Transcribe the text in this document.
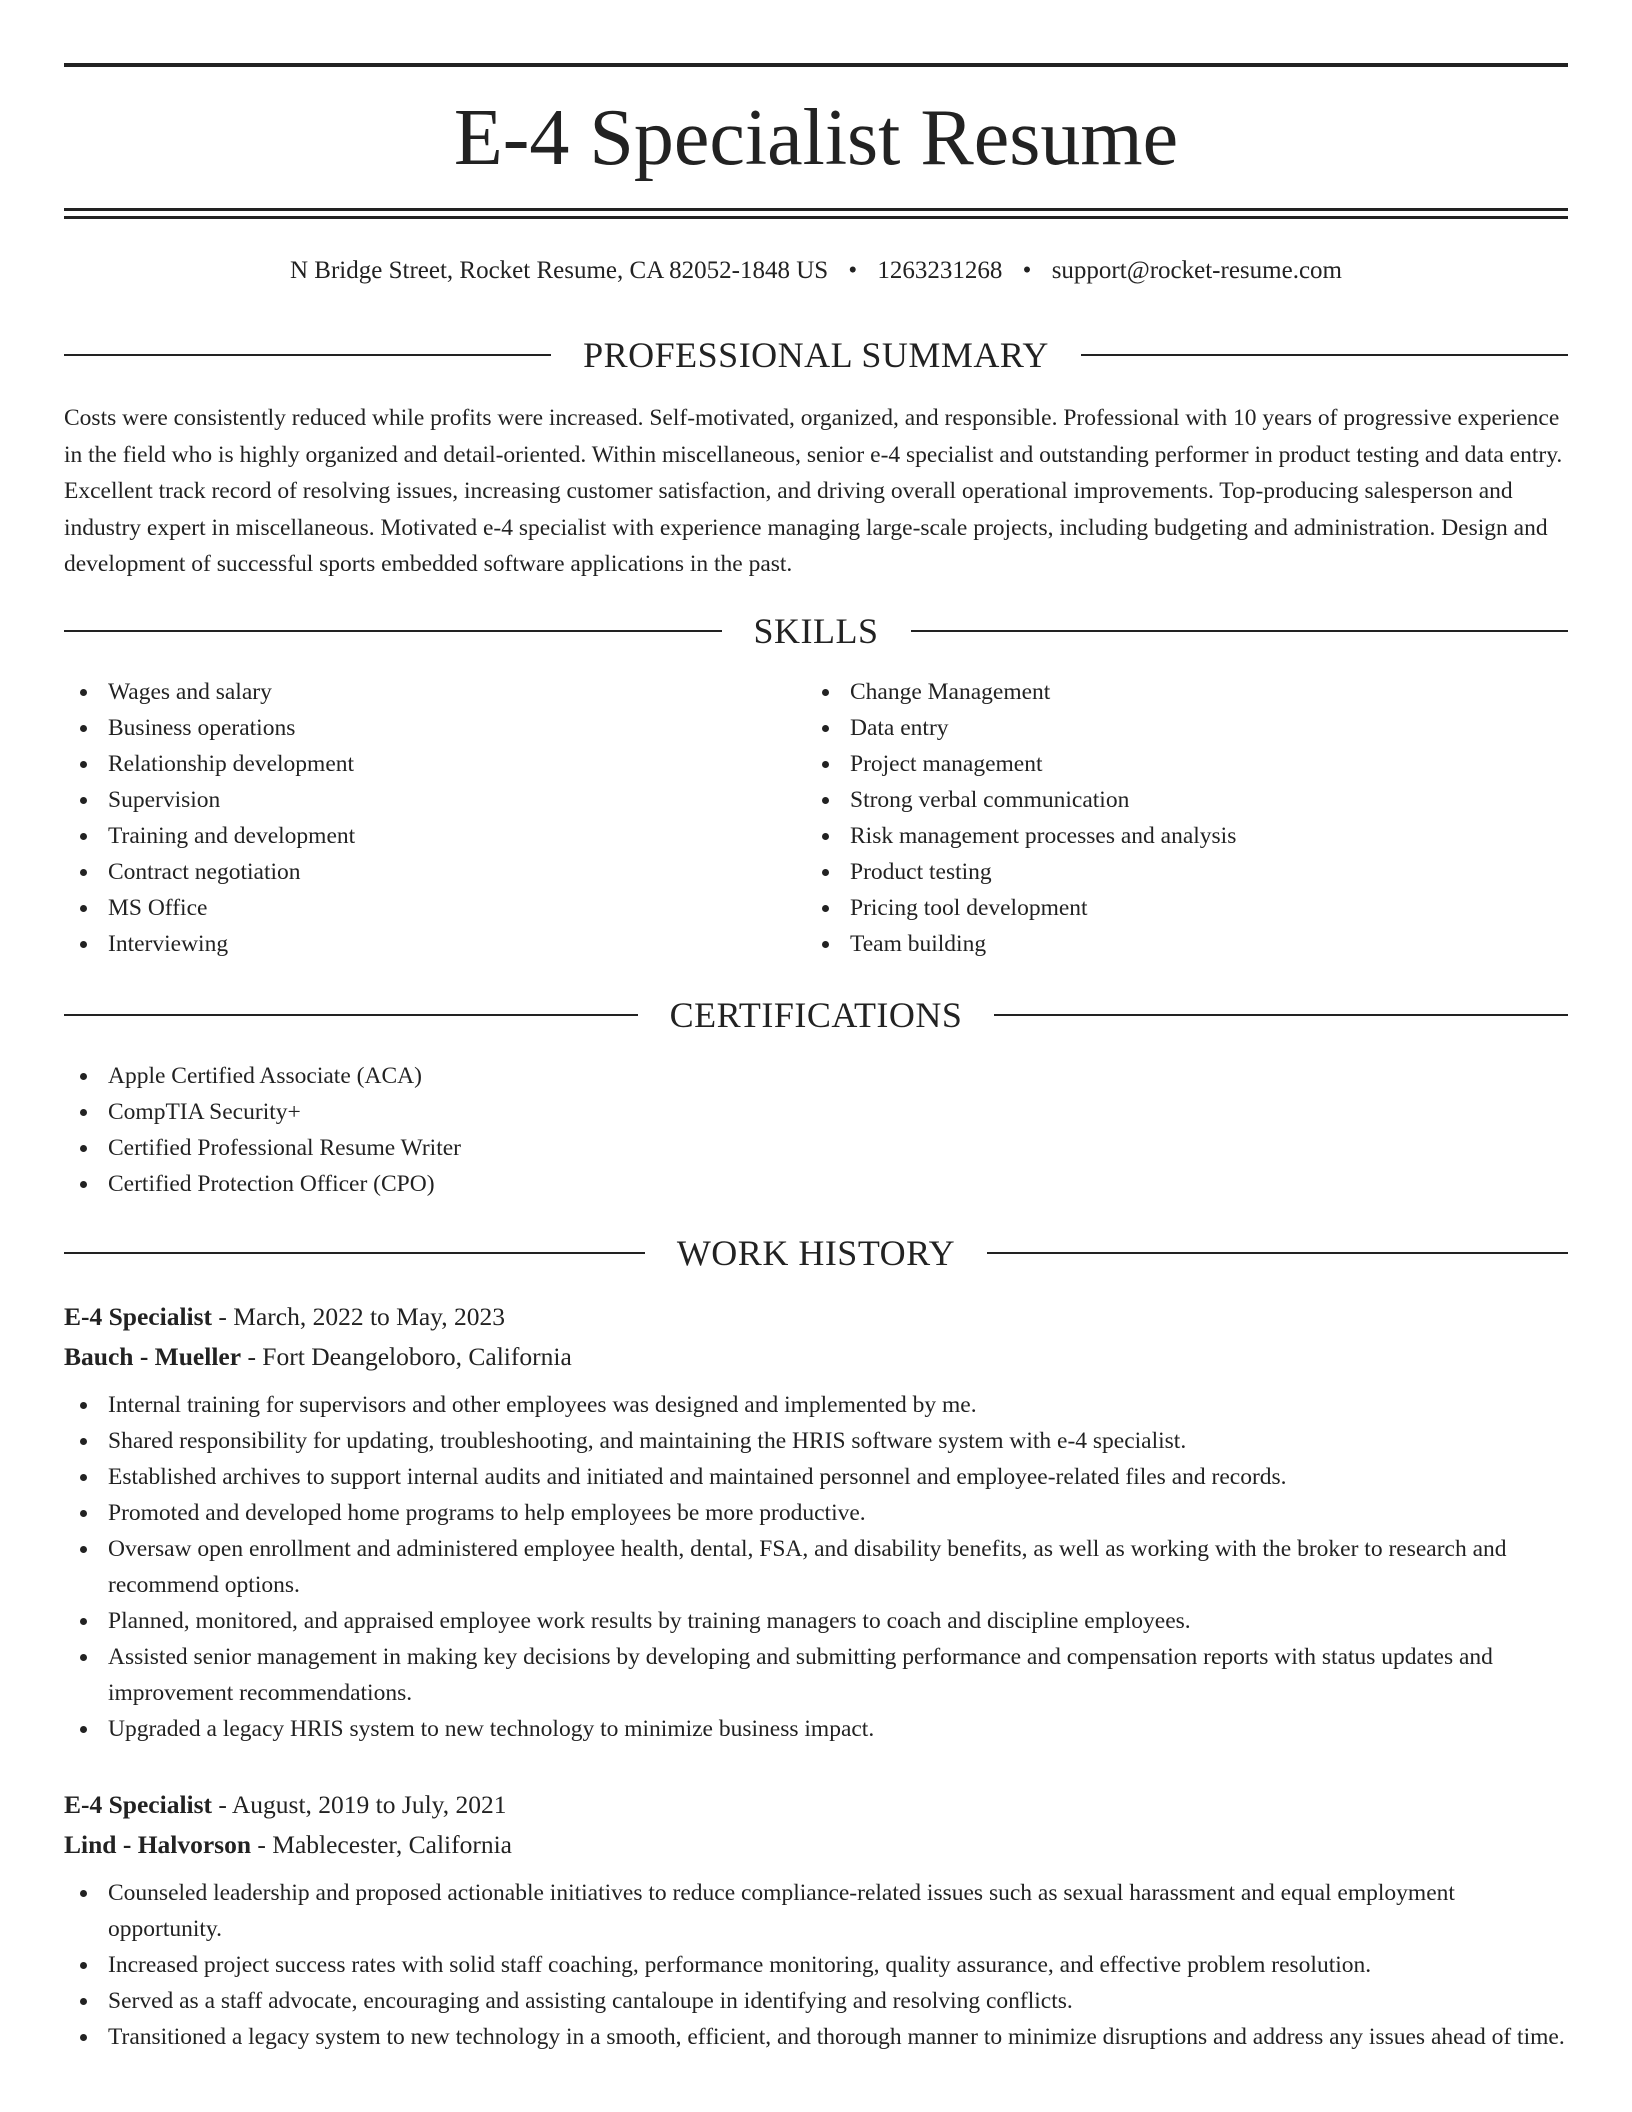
E-4 Specialist Resume
N Bridge Street, Rocket Resume, CA 82052-1848 US • 1263231268 • support@rocket-resume.com
PROFESSIONAL SUMMARY

Costs were consistently reduced while profits were increased. Self-motivated, organized, and responsible. Professional with 10 years of progressive experience in the field who is highly organized and detail-oriented. Within miscellaneous, senior e-4 specialist and outstanding performer in product testing and data entry. Excellent track record of resolving issues, increasing customer satisfaction, and driving overall operational improvements. Top-producing salesperson and industry expert in miscellaneous. Motivated e-4 specialist with experience managing large-scale projects, including budgeting and administration. Design and development of successful sports embedded software applications in the past.

SKILLS
Wages and salary
Business operations
Relationship development
Supervision
Training and development
Contract negotiation
MS Office
Interviewing
Change Management
Data entry
Project management
Strong verbal communication
Risk management processes and analysis
Product testing
Pricing tool development
Team building
CERTIFICATIONS
Apple Certified Associate (ACA)
CompTIA Security+
Certified Professional Resume Writer
Certified Protection Officer (CPO)
WORK HISTORY
E-4 Specialist - March, 2022 to May, 2023
Bauch - Mueller - Fort Deangeloboro, California
Internal training for supervisors and other employees was designed and implemented by me.
Shared responsibility for updating, troubleshooting, and maintaining the HRIS software system with e-4 specialist.
Established archives to support internal audits and initiated and maintained personnel and employee-related files and records.
Promoted and developed home programs to help employees be more productive.
Oversaw open enrollment and administered employee health, dental, FSA, and disability benefits, as well as working with the broker to research and recommend options.
Planned, monitored, and appraised employee work results by training managers to coach and discipline employees.
Assisted senior management in making key decisions by developing and submitting performance and compensation reports with status updates and improvement recommendations.
Upgraded a legacy HRIS system to new technology to minimize business impact.
E-4 Specialist - August, 2019 to July, 2021
Lind - Halvorson - Mablecester, California
Counseled leadership and proposed actionable initiatives to reduce compliance-related issues such as sexual harassment and equal employment opportunity.
Increased project success rates with solid staff coaching, performance monitoring, quality assurance, and effective problem resolution.
Served as a staff advocate, encouraging and assisting cantaloupe in identifying and resolving conflicts.
Transitioned a legacy system to new technology in a smooth, efficient, and thorough manner to minimize disruptions and address any issues ahead of time.
